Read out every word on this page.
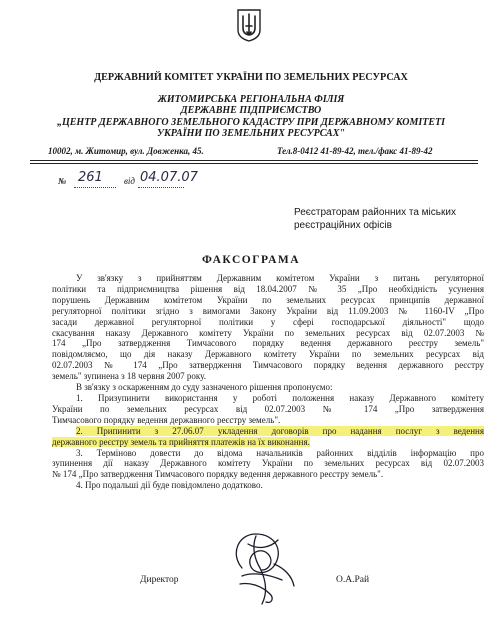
ДЕРЖАВНИЙ КОМІТЕТ УКРАЇНИ ПО ЗЕМЕЛЬНИХ РЕСУРСАХ
ЖИТОМИРСЬКА РЕГІОНАЛЬНА ФІЛІЯ
ДЕРЖАВНЕ ПІДПРИЄМСТВО
„ЦЕНТР ДЕРЖАВНОГО ЗЕМЕЛЬНОГО КАДАСТРУ ПРИ ДЕРЖАВНОМУ КОМІТЕТІ
УКРАЇНИ ПО ЗЕМЕЛЬНИХ РЕСУРСАХ"
10002, м. Житомир, вул. Довженка, 45.	Тел.8-0412 41-89-42, тел./факс 41-89-42
№ 261 від 04.07.07
Реєстраторам районних та міських
реєстраційних офісів
ФАКСОГРАМА

У зв'язку з прийняттям Державним комітетом України з питань регуляторної

політики та підприємництва рішення від 18.04.2007 № 35 „Про необхідність усунення

порушень Державним комітетом України по земельних ресурсах принципів державної

регуляторної політики згідно з вимогами Закону України від 11.09.2003 № 1160-IV „Про

засади державної регуляторної політики у сфері господарської діяльності" щодо

скасування наказу Державного комітету України по земельних ресурсах від 02.07.2003 №

174 „Про затвердження Тимчасового порядку ведення державного реєстру земель"

повідомляємо, що дія наказу Державного комітету України по земельних ресурсах від

02.07.2003 № 174 „Про затвердження Тимчасового порядку ведення державного реєстру

земель" зупинена з 18 червня 2007 року.

В зв'язку з оскарженням до суду зазначеного рішення пропонуємо:

1. Призупинити використання у роботі положення наказу Державного комітету

України по земельних ресурсах від 02.07.2003 № 174 „Про затвердження

Тимчасового порядку ведення державного реєстру земель".

2. Припинити з 27.06.07 укладення договорів про надання послуг з ведення

державного реєстру земель та прийняття платежів на їх виконання.

3. Терміново довести до відома начальників районних відділів інформацію про

зупинення дії наказу Державного комітету України по земельних ресурсах від 02.07.2003

№ 174 „Про затвердження Тимчасового порядку ведення державного реєстру земель".

4. Про подальші дії буде повідомлено додатково.

Директор	О.А.Рай
